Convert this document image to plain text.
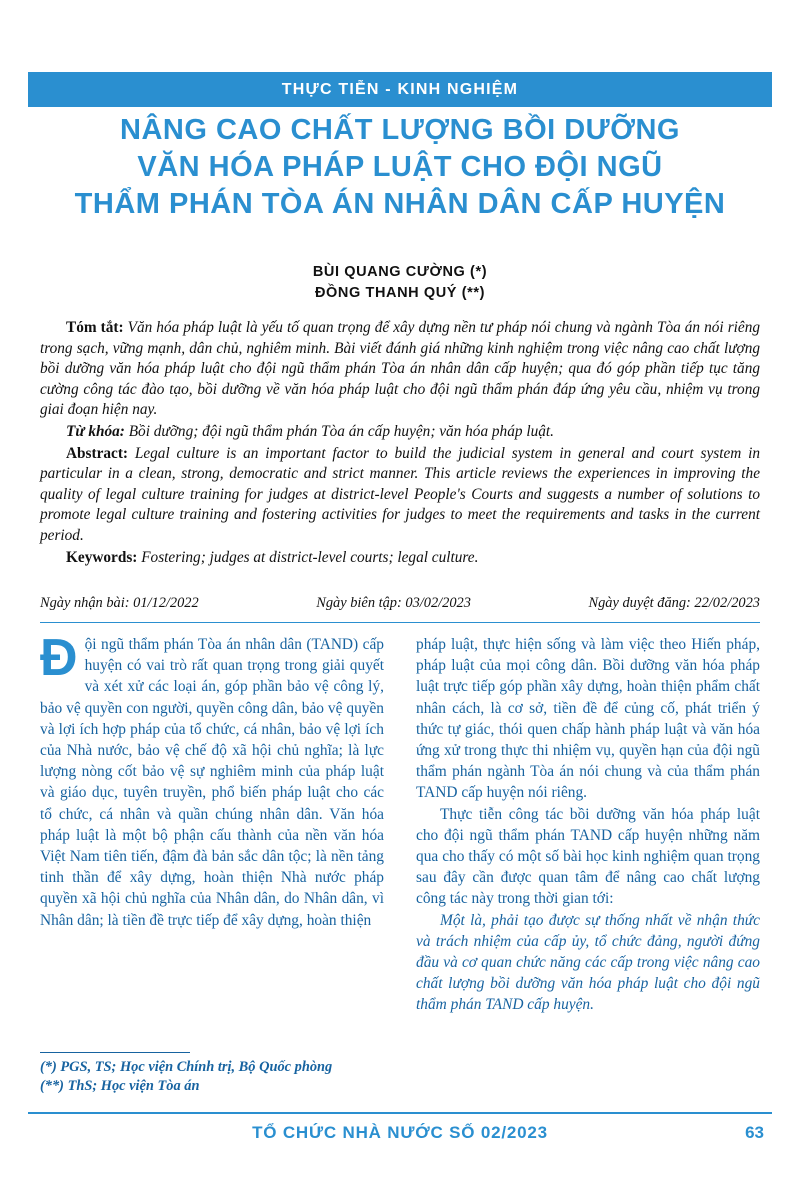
THỰC TIỄN - KINH NGHIỆM
NÂNG CAO CHẤT LƯỢNG BỒI DƯỠNG
VĂN HÓA PHÁP LUẬT CHO ĐỘI NGŨ
THẨM PHÁN TÒA ÁN NHÂN DÂN CẤP HUYỆN
BÙI QUANG CƯỜNG (*)
ĐỒNG THANH QUÝ (**)

Tóm tắt: Văn hóa pháp luật là yếu tố quan trọng để xây dựng nền tư pháp nói chung và ngành Tòa án nói riêng trong sạch, vững mạnh, dân chủ, nghiêm minh. Bài viết đánh giá những kinh nghiệm trong việc nâng cao chất lượng bồi dưỡng văn hóa pháp luật cho đội ngũ thẩm phán Tòa án nhân dân cấp huyện; qua đó góp phần tiếp tục tăng cường công tác đào tạo, bồi dưỡng về văn hóa pháp luật cho đội ngũ thẩm phán đáp ứng yêu cầu, nhiệm vụ trong giai đoạn hiện nay.

Từ khóa: Bồi dưỡng; đội ngũ thẩm phán Tòa án cấp huyện; văn hóa pháp luật.

Abstract: Legal culture is an important factor to build the judicial system in general and court system in particular in a clean, strong, democratic and strict manner. This article reviews the experiences in improving the quality of legal culture training for judges at district-level People's Courts and suggests a number of solutions to promote legal culture training and fostering activities for judges to meet the requirements and tasks in the current period.

Keywords: Fostering; judges at district-level courts; legal culture.

Ngày nhận bài: 01/12/2022	Ngày biên tập: 03/02/2023	Ngày duyệt đăng: 22/02/2023

Đội ngũ thẩm phán Tòa án nhân dân (TAND) cấp huyện có vai trò rất quan trọng trong giải quyết và xét xử các loại án, góp phần bảo vệ công lý, bảo vệ quyền con người, quyền công dân, bảo vệ quyền và lợi ích hợp pháp của tổ chức, cá nhân, bảo vệ lợi ích của Nhà nước, bảo vệ chế độ xã hội chủ nghĩa; là lực lượng nòng cốt bảo vệ sự nghiêm minh của pháp luật và giáo dục, tuyên truyền, phổ biến pháp luật cho các tổ chức, cá nhân và quần chúng nhân dân. Văn hóa pháp luật là một bộ phận cấu thành của nền văn hóa Việt Nam tiên tiến, đậm đà bản sắc dân tộc; là nền tảng tinh thần để xây dựng, hoàn thiện Nhà nước pháp quyền xã hội chủ nghĩa của Nhân dân, do Nhân dân, vì Nhân dân; là tiền đề trực tiếp để xây dựng, hoàn thiện

pháp luật, thực hiện sống và làm việc theo Hiến pháp, pháp luật của mọi công dân. Bồi dưỡng văn hóa pháp luật trực tiếp góp phần xây dựng, hoàn thiện phẩm chất nhân cách, là cơ sở, tiền đề để củng cố, phát triển ý thức tự giác, thói quen chấp hành pháp luật và văn hóa ứng xử trong thực thi nhiệm vụ, quyền hạn của đội ngũ thẩm phán ngành Tòa án nói chung và của thẩm phán TAND cấp huyện nói riêng.

Thực tiễn công tác bồi dưỡng văn hóa pháp luật cho đội ngũ thẩm phán TAND cấp huyện những năm qua cho thấy có một số bài học kinh nghiệm quan trọng sau đây cần được quan tâm để nâng cao chất lượng công tác này trong thời gian tới:

Một là, phải tạo được sự thống nhất về nhận thức và trách nhiệm của cấp ủy, tổ chức đảng, người đứng đầu và cơ quan chức năng các cấp trong việc nâng cao chất lượng bồi dưỡng văn hóa pháp luật cho đội ngũ thẩm phán TAND cấp huyện.

(*) PGS, TS; Học viện Chính trị, Bộ Quốc phòng
(**) ThS; Học viện Tòa án
TỔ CHỨC NHÀ NƯỚC SỐ 02/2023	63
